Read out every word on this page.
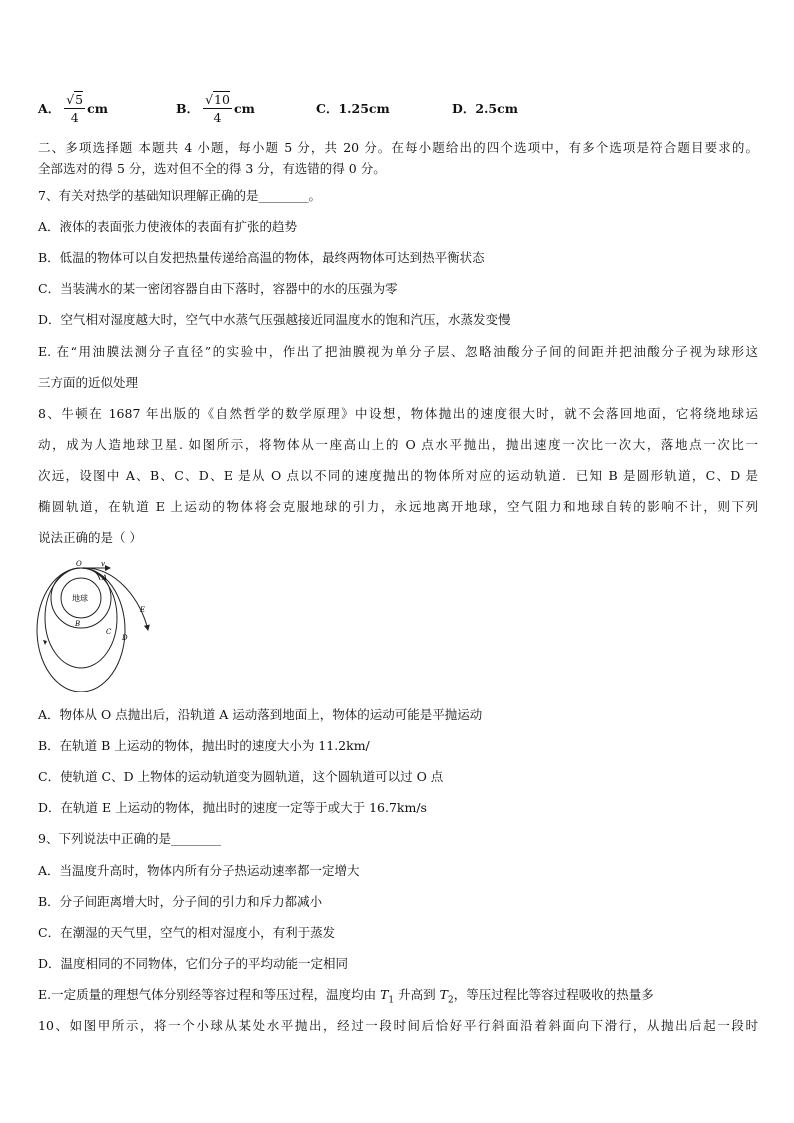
A． $\frac{√5}{4}$ cm	B． $\frac{√10}{4}$ cm	C．1.25cm	D．2.5cm
二、多项选择题 本题共 4 小题，每小题 5 分，共 20 分。在每小题给出的四个选项中，有多个选项是符合题目要求的。
全部选对的得 5 分，选对但不全的得 3 分，有选错的得 0 分。
7、有关对热学的基础知识理解正确的是________。
A．液体的表面张力使液体的表面有扩张的趋势
B．低温的物体可以自发把热量传递给高温的物体，最终两物体可达到热平衡状态
C．当装满水的某一密闭容器自由下落时，容器中的水的压强为零
D．空气相对湿度越大时，空气中水蒸气压强越接近同温度水的饱和汽压，水蒸发变慢
E. 在“用油膜法测分子直径”的实验中，作出了把油膜视为单分子层、忽略油酸分子间的间距并把油酸分子视为球形这
三方面的近似处理
8、牛顿在 1687 年出版的《自然哲学的数学原理》中设想，物体抛出的速度很大时，就不会落回地面，它将绕地球运
动，成为人造地球卫星. 如图所示，将物体从一座高山上的 O 点水平抛出，抛出速度一次比一次大，落地点一次比一
次远，设图中 A、B、C、D、E 是从 O 点以不同的速度抛出的物体所对应的运动轨道．已知 B 是圆形轨道，C、D 是
椭圆轨道，在轨道 E 上运动的物体将会克服地球的引力，永远地离开地球，空气阻力和地球自转的影响不计，则下列
说法正确的是（ ）
O	v
A
地球
B
C
D
E
A．物体从 O 点抛出后，沿轨道 A 运动落到地面上，物体的运动可能是平抛运动
B．在轨道 B 上运动的物体，抛出时的速度大小为 11.2km/
C．使轨道 C、D 上物体的运动轨道变为圆轨道，这个圆轨道可以过 O 点
D．在轨道 E 上运动的物体，抛出时的速度一定等于或大于 16.7km/s
9、下列说法中正确的是________
A．当温度升高时，物体内所有分子热运动速率都一定增大
B．分子间距离增大时，分子间的引力和斥力都减小
C．在潮湿的天气里，空气的相对湿度小，有利于蒸发
D．温度相同的不同物体，它们分子的平均动能一定相同
E.一定质量的理想气体分别经等容过程和等压过程，温度均由 $T_1$ 升高到 $T_2$，等压过程比等容过程吸收的热量多
10、如图甲所示，将一个小球从某处水平抛出，经过一段时间后恰好平行斜面沿着斜面向下滑行，从抛出后起一段时
